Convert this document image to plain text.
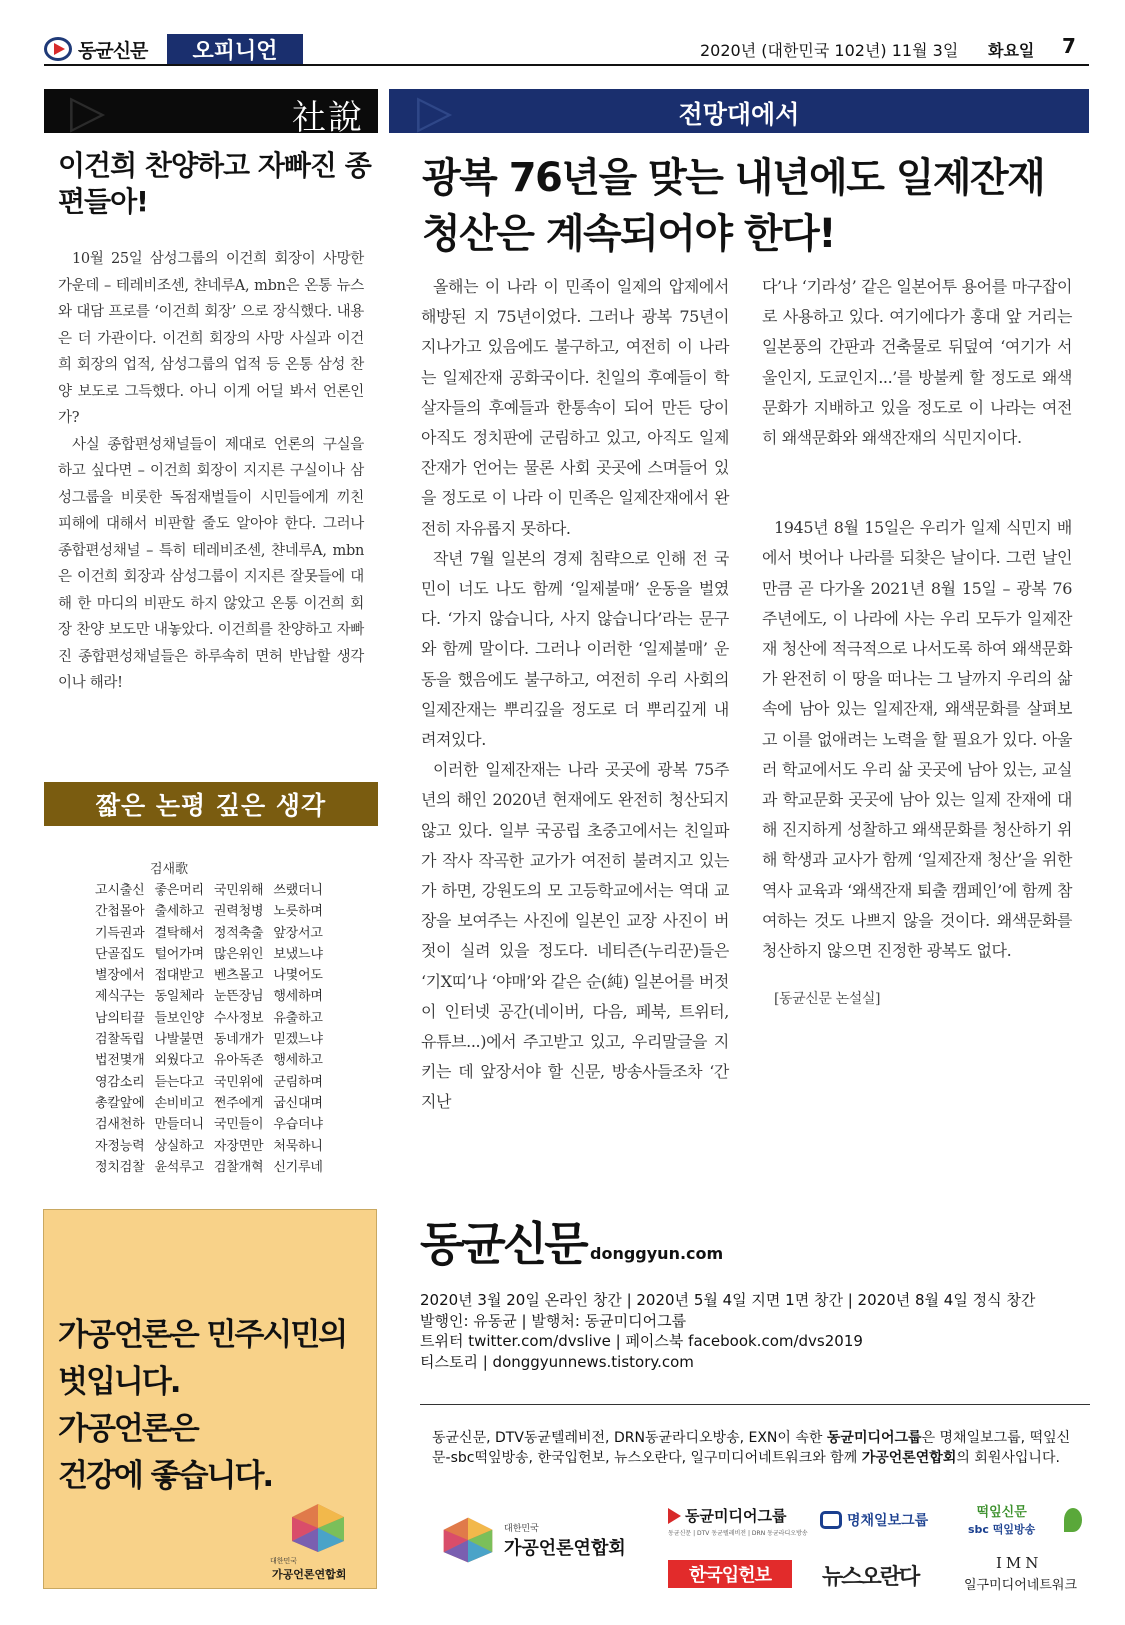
동균신문	오피니언	2020년 (대한민국 102년) 11월 3일 화요일 7
▷	社說
이건희 찬양하고 자빠진 종편들아!

10월 25일 삼성그룹의 이건희 회장이 사망한 가운데 – 테레비조센, 챤네루A, mbn은 온통 뉴스와 대담 프로를 ‘이건희 회장’ 으로 장식했다. 내용은 더 가관이다. 이건희 회장의 사망 사실과 이건희 회장의 업적, 삼성그룹의 업적 등 온통 삼성 찬양 보도로 그득했다. 아니 이게 어딜 봐서 언론인가?

사실 종합편성채널들이 제대로 언론의 구실을 하고 싶다면 – 이건희 회장이 지지른 구실이나 삼성그룹을 비롯한 독점재벌들이 시민들에게 끼친 피해에 대해서 비판할 줄도 알아야 한다. 그러나 종합편성채널 – 특히 테레비조센, 챤네루A, mbn은 이건희 회장과 삼성그룹이 지지른 잘못들에 대해 한 마디의 비판도 하지 않았고 온통 이건희 회장 찬양 보도만 내놓았다. 이건희를 찬양하고 자빠진 종합편성채널들은 하루속히 면허 반납할 생각이나 해라!

▷	전망대에서
광복 76년을 맞는 내년에도 일제잔재 청산은 계속되어야 한다!

올해는 이 나라 이 민족이 일제의 압제에서 해방된 지 75년이었다. 그러나 광복 75년이 지나가고 있음에도 불구하고, 여전히 이 나라는 일제잔재 공화국이다. 친일의 후예들이 학살자들의 후예들과 한통속이 되어 만든 당이 아직도 정치판에 군림하고 있고, 아직도 일제 잔재가 언어는 물론 사회 곳곳에 스며들어 있을 정도로 이 나라 이 민족은 일제잔재에서 완전히 자유롭지 못하다.

작년 7월 일본의 경제 침략으로 인해 전 국민이 너도 나도 함께 ‘일제불매’ 운동을 벌였다. ‘가지 않습니다, 사지 않습니다’라는 문구와 함께 말이다. 그러나 이러한 ‘일제불매’ 운동을 했음에도 불구하고, 여전히 우리 사회의 일제잔재는 뿌리깊을 정도로 더 뿌리깊게 내려져있다.

이러한 일제잔재는 나라 곳곳에 광복 75주년의 해인 2020년 현재에도 완전히 청산되지 않고 있다. 일부 국공립 초중고에서는 친일파가 작사 작곡한 교가가 여전히 불려지고 있는가 하면, 강원도의 모 고등학교에서는 역대 교장을 보여주는 사진에 일본인 교장 사진이 버젓이 실려 있을 정도다. 네티즌(누리꾼)들은 ‘기X띠’나 ‘야매’와 같은 순(純) 일본어를 버젓이 인터넷 공간(네이버, 다음, 페북, 트위터, 유튜브...)에서 주고받고 있고, 우리말글을 지키는 데 앞장서야 할 신문, 방송사들조차 ‘간지난

다’나 ‘기라성’ 같은 일본어투 용어를 마구잡이로 사용하고 있다. 여기에다가 홍대 앞 거리는 일본풍의 간판과 건축물로 뒤덮여 ‘여기가 서울인지, 도쿄인지...’를 방불케 할 정도로 왜색문화가 지배하고 있을 정도로 이 나라는 여전히 왜색문화와 왜색잔재의 식민지이다.

1945년 8월 15일은 우리가 일제 식민지 배에서 벗어나 나라를 되찾은 날이다. 그런 날인 만큼 곧 다가올 2021년 8월 15일 – 광복 76주년에도, 이 나라에 사는 우리 모두가 일제잔재 청산에 적극적으로 나서도록 하여 왜색문화가 완전히 이 땅을 떠나는 그 날까지 우리의 삶 속에 남아 있는 일제잔재, 왜색문화를 살펴보고 이를 없애려는 노력을 할 필요가 있다. 아울러 학교에서도 우리 삶 곳곳에 남아 있는, 교실과 학교문화 곳곳에 남아 있는 일제 잔재에 대해 진지하게 성찰하고 왜색문화를 청산하기 위해 학생과 교사가 함께 ‘일제잔재 청산’을 위한 역사 교육과 ‘왜색잔재 퇴출 캠페인’에 함께 참여하는 것도 나쁘지 않을 것이다. 왜색문화를 청산하지 않으면 진정한 광복도 없다.

[동균신문 논설실]
짧은 논평 깊은 생각
검새歌
고시출신 좋은머리 국민위해 쓰랬더니
간첩몰아 출세하고 권력청병 노릇하며
기득권과 결탁해서 정적축출 앞장서고
단골집도 털어가며 많은위인 보냈느냐
별장에서 접대받고 벤츠몰고 나몇어도
제식구는 동일체라 눈뜬장님 행세하며
남의티끌 들보인양 수사정보 유출하고
검찰독립 나발불면 동네개가 믿겠느냐
법전몇개 외웠다고 유아독존 행세하고
영감소리 듣는다고 국민위에 군림하며
총칼앞에 손비비고 쩐주에게 굽신대며
검새천하 만들더니 국민들이 우습더냐
자정능력 상실하고 자장면만 처묵하니
정치검찰 윤석루고 검찰개혁 신기루네
가공언론은 민주시민의
벗입니다.
가공언론은
건강에 좋습니다.
대한민국
가공언론연합회
동균신문 donggyun.com
2020년 3월 20일 온라인 창간 | 2020년 5월 4일 지면 1면 창간 | 2020년 8월 4일 정식 창간
발행인: 유동균 | 발행처: 동균미디어그룹
트위터 twitter.com/dvslive | 페이스북 facebook.com/dvs2019
티스토리 | donggyunnews.tistory.com
동균신문, DTV동균텔레비전, DRN동균라디오방송, EXN이 속한 동균미디어그룹은 명채일보그룹, 떡잎신문-sbc떡잎방송, 한국입헌보, 뉴스오란다, 일구미디어네트워크와 함께 가공언론연합회의 회원사입니다.
대한민국
가공언론연합회
동균미디어그룹
동균신문 | DTV 동균텔레비전 | DRN 동균라디오방송
명채일보그룹
떡잎신문
sbc 떡잎방송
한국입헌보	뉴스오란다
IMN
일구미디어네트워크
